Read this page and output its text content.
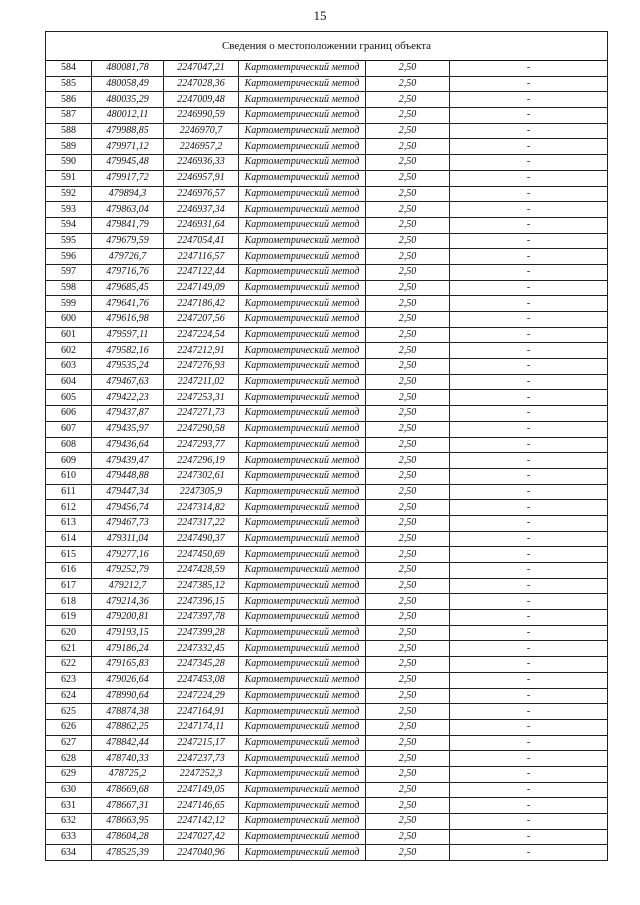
15
Сведения о местоположении границ объекта					
584	480081,78	2247047,21	Картометрический метод	2,50	-
585	480058,49	2247028,36	Картометрический метод	2,50	-
586	480035,29	2247009,48	Картометрический метод	2,50	-
587	480012,11	2246990,59	Картометрический метод	2,50	-
588	479988,85	2246970,7	Картометрический метод	2,50	-
589	479971,12	2246957,2	Картометрический метод	2,50	-
590	479945,48	2246936,33	Картометрический метод	2,50	-
591	479917,72	2246957,91	Картометрический метод	2,50	-
592	479894,3	2246976,57	Картометрический метод	2,50	-
593	479863,04	2246937,34	Картометрический метод	2,50	-
594	479841,79	2246931,64	Картометрический метод	2,50	-
595	479679,59	2247054,41	Картометрический метод	2,50	-
596	479726,7	2247116,57	Картометрический метод	2,50	-
597	479716,76	2247122,44	Картометрический метод	2,50	-
598	479685,45	2247149,09	Картометрический метод	2,50	-
599	479641,76	2247186,42	Картометрический метод	2,50	-
600	479616,98	2247207,56	Картометрический метод	2,50	-
601	479597,11	2247224,54	Картометрический метод	2,50	-
602	479582,16	2247212,91	Картометрический метод	2,50	-
603	479535,24	2247276,93	Картометрический метод	2,50	-
604	479467,63	2247211,02	Картометрический метод	2,50	-
605	479422,23	2247253,31	Картометрический метод	2,50	-
606	479437,87	2247271,73	Картометрический метод	2,50	-
607	479435,97	2247290,58	Картометрический метод	2,50	-
608	479436,64	2247293,77	Картометрический метод	2,50	-
609	479439,47	2247296,19	Картометрический метод	2,50	-
610	479448,88	2247302,61	Картометрический метод	2,50	-
611	479447,34	2247305,9	Картометрический метод	2,50	-
612	479456,74	2247314,82	Картометрический метод	2,50	-
613	479467,73	2247317,22	Картометрический метод	2,50	-
614	479311,04	2247490,37	Картометрический метод	2,50	-
615	479277,16	2247450,69	Картометрический метод	2,50	-
616	479252,79	2247428,59	Картометрический метод	2,50	-
617	479212,7	2247385,12	Картометрический метод	2,50	-
618	479214,36	2247396,15	Картометрический метод	2,50	-
619	479200,81	2247397,78	Картометрический метод	2,50	-
620	479193,15	2247399,28	Картометрический метод	2,50	-
621	479186,24	2247332,45	Картометрический метод	2,50	-
622	479165,83	2247345,28	Картометрический метод	2,50	-
623	479026,64	2247453,08	Картометрический метод	2,50	-
624	478990,64	2247224,29	Картометрический метод	2,50	-
625	478874,38	2247164,91	Картометрический метод	2,50	-
626	478862,25	2247174,11	Картометрический метод	2,50	-
627	478842,44	2247215,17	Картометрический метод	2,50	-
628	478740,33	2247237,73	Картометрический метод	2,50	-
629	478725,2	2247252,3	Картометрический метод	2,50	-
630	478669,68	2247149,05	Картометрический метод	2,50	-
631	478667,31	2247146,65	Картометрический метод	2,50	-
632	478663,95	2247142,12	Картометрический метод	2,50	-
633	478604,28	2247027,42	Картометрический метод	2,50	-
634	478525,39	2247040,96	Картометрический метод	2,50	-
